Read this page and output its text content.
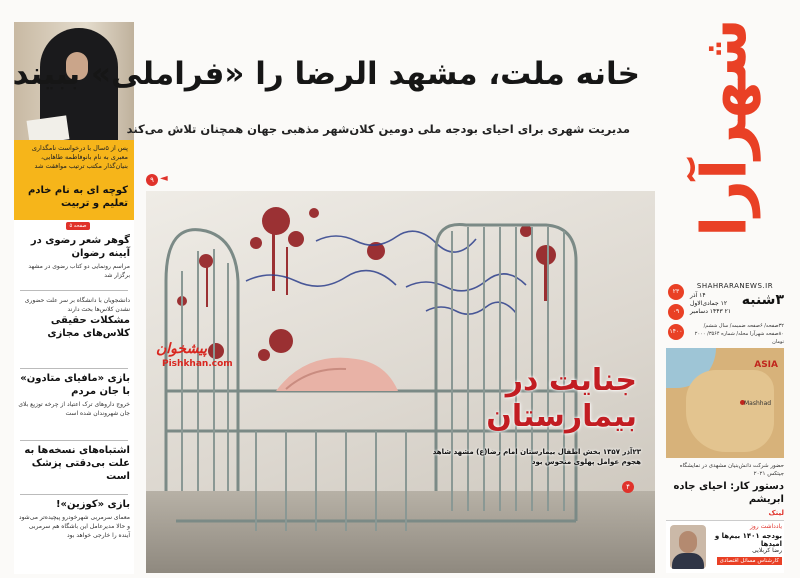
پس از ۵سال با درخواست نامگذاری معبری به نام بانوفاطمه طاهایی، بنیان‌گذار مکتب ترتیب موافقت شد
کوچه ای به نام خادم تعلیم و تربیت
صفحه ۵

گوهر شعر رضوی در آیینه رضوان

مراسم رونمایی دو کتاب رضوی در مشهد برگزار شد

دانشجویان با دانشگاه بر سر علت حضوری نشدن کلاس‌ها بحث دارند

مشکلات حقیقی کلاس‌های مجازی

بازی «مافیای متادون» با جان مردم

خروج داروهای ترک اعتیاد از چرخه توزیع بلای جان شهروندان شده است

اشتباه‌های نسخه‌ها به علت بی‌دقتی پزشک است

بازی «کوزین»!

معمای سرمربی شهرخودرو پیچیده‌تر می‌شود و حالا مدیرعامل این باشگاه هم سرمربی آینده را خارجی خواهد بود

خانه ملت، مشهد الرضا را «فراملی» ببیند
مدیریت شهری برای احیای بودجه ملی دومین کلان‌شهر مذهبی جهان همچنان تلاش می‌کند
۹ ◄
پیشخوان
Pishkhan.com	جنایت در بیمارستان
۲۳آذر ۱۳۵۷ بخش اطفال بیمارستان امام رضا(ع) مشهد شاهد هجوم عوامل پهلوی منحوس بود
۴
شهرآرا
SHAHRARANEWS.IR
۳شنبه
۱۴ آذر
۱۲ جمادی‌الاول
۲۱ ۱۴۴۳ دسامبر
۳۲صفحه/ ۶صفحه ضمیمه/ سال ششم/
۸۰صفحه شهرآرا محله/ شماره ۳۵۶۴/ ۲۰۰۰ تومان
۲۳
۰۹
۱۴۰۰
ASIA
Mashhad
حضور شرکت دانش‌بنیان مشهدی در نمایشگاه جیتکس ۲۰۲۱
دستور کار: احیای جاده ابریشم
لینک
یادداشت روز
بودجه ۱۴۰۱ بیم‌ها و امیدها
رضا کربلایی
کارشناس مسائل اقتصادی
